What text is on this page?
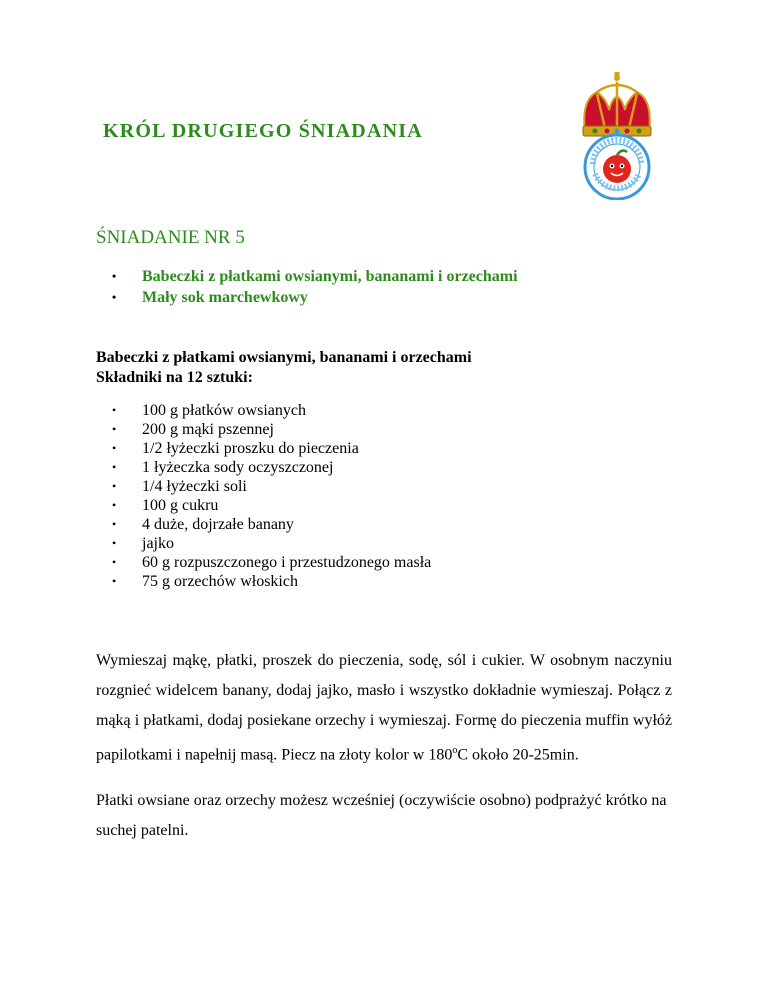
KRÓL DRUGIEGO ŚNIADANIA
ŚNIADANIE NR 5
• Babeczki z płatkami owsianymi, bananami i orzechami
• Mały sok marchewkowy
Babeczki z płatkami owsianymi, bananami i orzechami
Składniki na 12 sztuki:
• 100 g płatków owsianych
• 200 g mąki pszennej
• 1/2 łyżeczki proszku do pieczenia
• 1 łyżeczka sody oczyszczonej
• 1/4 łyżeczki soli
• 100 g cukru
• 4 duże, dojrzałe banany
• jajko
• 60 g rozpuszczonego i przestudzonego masła
• 75 g orzechów włoskich

Wymieszaj mąkę, płatki, proszek do pieczenia, sodę, sól i cukier. W osobnym naczyniu rozgnieć widelcem banany, dodaj jajko, masło i wszystko dokładnie wymieszaj. Połącz z mąką i płatkami, dodaj posiekane orzechy i wymieszaj. Formę do pieczenia muffin wyłóż papilotkami i napełnij masą. Piecz na złoty kolor w 180$^o$C około 20-25min.

Płatki owsiane oraz orzechy możesz wcześniej (oczywiście osobno) podprażyć krótko na suchej patelni.
